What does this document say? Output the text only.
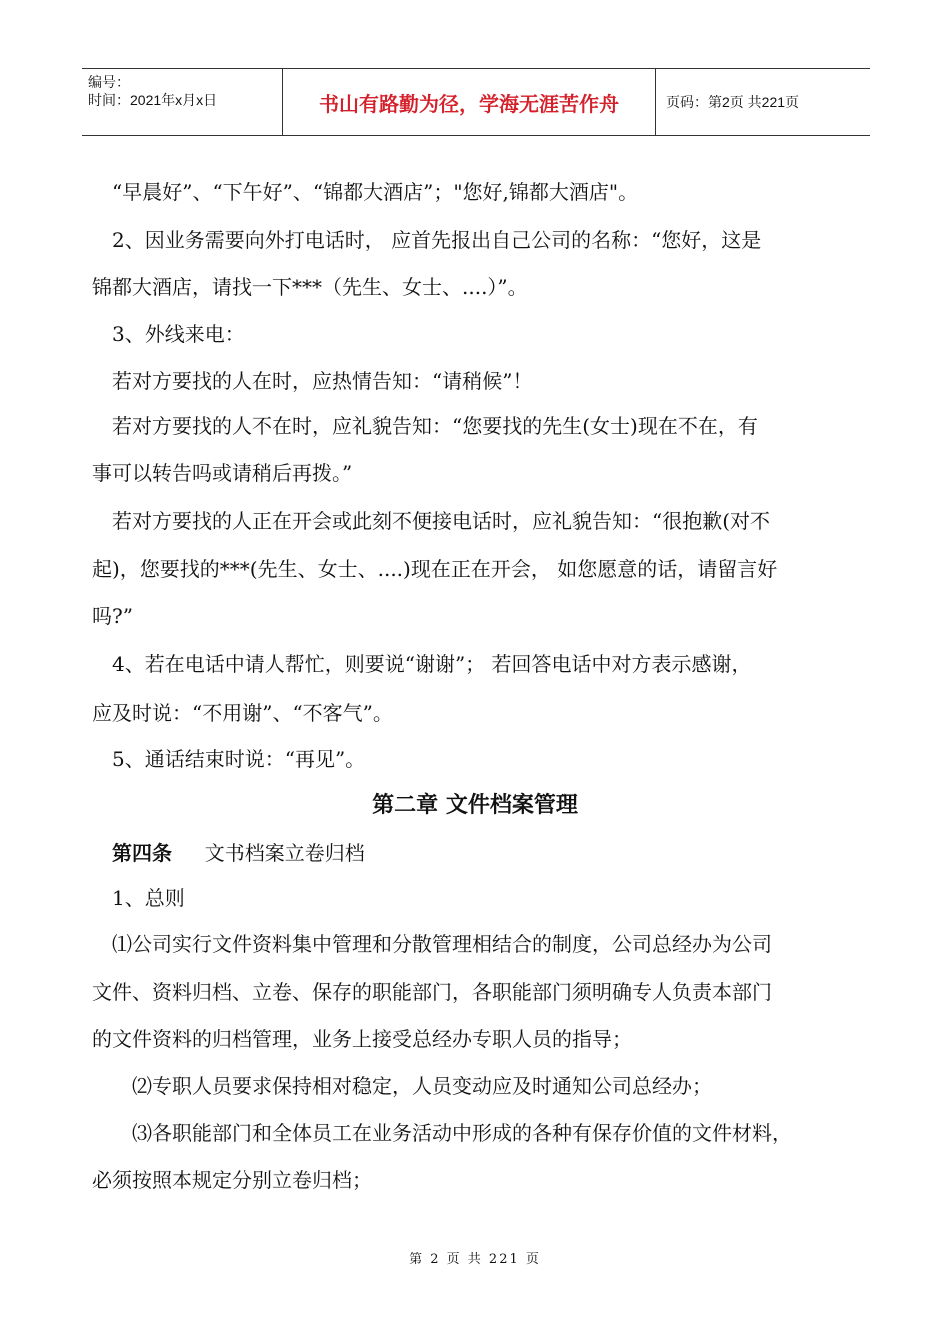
编号：
时间：2021年x月x日	书山有路勤为径，学海无涯苦作舟	页码：第2页 共221页
“早晨好”、“下午好”、“锦都大酒店”；"您好,锦都大酒店"。
2、因业务需要向外打电话时， 应首先报出自己公司的名称：“您好，这是
锦都大酒店，请找一下***（先生、女士、....）”。
3、外线来电：
若对方要找的人在时，应热情告知：“请稍候”！
若对方要找的人不在时，应礼貌告知：“您要找的先生(女士)现在不在，有
事可以转告吗或请稍后再拨。”
若对方要找的人正在开会或此刻不便接电话时，应礼貌告知：“很抱歉(对不
起)，您要找的***(先生、女士、....)现在正在开会， 如您愿意的话，请留言好
吗?”
4、若在电话中请人帮忙，则要说“谢谢”； 若回答电话中对方表示感谢，
应及时说：“不用谢”、“不客气”。
5、通话结束时说：“再见”。
第二章 文件档案管理
第四条 文书档案立卷归档
1、总则
⑴公司实行文件资料集中管理和分散管理相结合的制度，公司总经办为公司
文件、资料归档、立卷、保存的职能部门，各职能部门须明确专人负责本部门
的文件资料的归档管理，业务上接受总经办专职人员的指导；
⑵专职人员要求保持相对稳定，人员变动应及时通知公司总经办；
⑶各职能部门和全体员工在业务活动中形成的各种有保存价值的文件材料，
必须按照本规定分别立卷归档；
第 2 页 共 221 页
